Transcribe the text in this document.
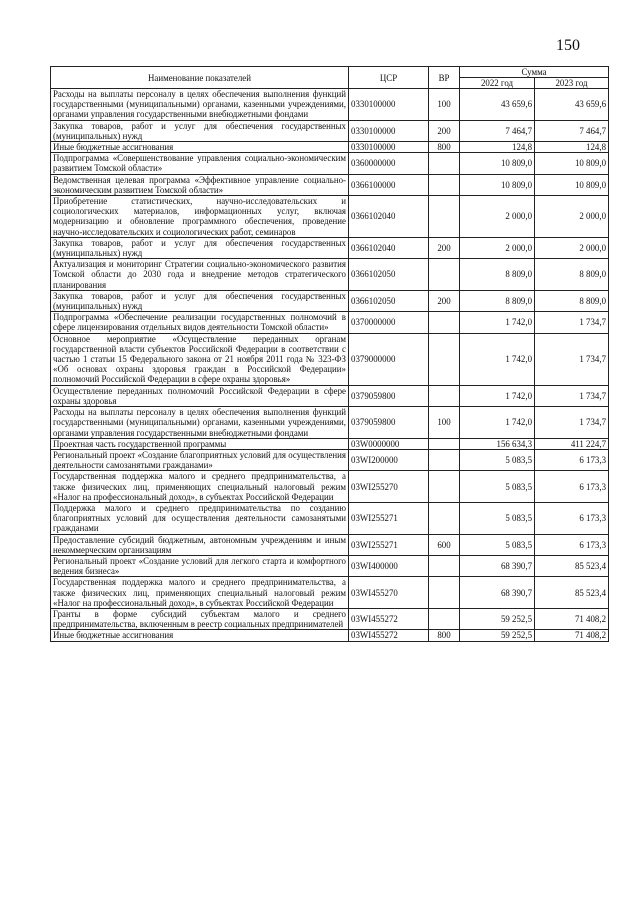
150
Наименование показателей	ЦСР	ВР	Сумма	
			2022 год	2023 год
Расходы на выплаты персоналу в целях обеспечения выполнения функций государственными (муниципальными) органами, казенными учреждениями, органами управления государственными внебюджетными фондами	0330100000	100	43 659,6	43 659,6
Закупка товаров, работ и услуг для обеспечения государственных (муниципальных) нужд	0330100000	200	7 464,7	7 464,7
Иные бюджетные ассигнования	0330100000	800	124,8	124,8
Подпрограмма «Совершенствование управления социально-экономическим развитием Томской области»	0360000000		10 809,0	10 809,0
Ведомственная целевая программа «Эффективное управление социально-экономическим развитием Томской области»	0366100000		10 809,0	10 809,0
Приобретение статистических, научно-исследовательских и социологических материалов, информационных услуг, включая модернизацию и обновление программного обеспечения, проведение научно-исследовательских и социологических работ, семинаров	0366102040		2 000,0	2 000,0
Закупка товаров, работ и услуг для обеспечения государственных (муниципальных) нужд	0366102040	200	2 000,0	2 000,0
Актуализация и мониторинг Стратегии социально-экономического развития Томской области до 2030 года и внедрение методов стратегического планирования	0366102050		8 809,0	8 809,0
Закупка товаров, работ и услуг для обеспечения государственных (муниципальных) нужд	0366102050	200	8 809,0	8 809,0
Подпрограмма «Обеспечение реализации государственных полномочий в сфере лицензирования отдельных видов деятельности Томской области»	0370000000		1 742,0	1 734,7
Основное мероприятие «Осуществление переданных органам государственной власти субъектов Российской Федерации в соответствии с частью 1 статьи 15 Федерального закона от 21 ноября 2011 года № 323-ФЗ «Об основах охраны здоровья граждан в Российской Федерации» полномочий Российской Федерации в сфере охраны здоровья»	0379000000		1 742,0	1 734,7
Осуществление переданных полномочий Российской Федерации в сфере охраны здоровья	0379059800		1 742,0	1 734,7
Расходы на выплаты персоналу в целях обеспечения выполнения функций государственными (муниципальными) органами, казенными учреждениями, органами управления государственными внебюджетными фондами	0379059800	100	1 742,0	1 734,7
Проектная часть государственной программы	03W0000000		156 634,3	411 224,7
Региональный проект «Создание благоприятных условий для осуществления деятельности самозанятыми гражданами»	03WI200000		5 083,5	6 173,3
Государственная поддержка малого и среднего предпринимательства, а также физических лиц, применяющих специальный налоговый режим «Налог на профессиональный доход», в субъектах Российской Федерации	03WI255270		5 083,5	6 173,3
Поддержка малого и среднего предпринимательства по созданию благоприятных условий для осуществления деятельности самозанятыми гражданами	03WI255271		5 083,5	6 173,3
Предоставление субсидий бюджетным, автономным учреждениям и иным некоммерческим организациям	03WI255271	600	5 083,5	6 173,3
Региональный проект «Создание условий для легкого старта и комфортного ведения бизнеса»	03WI400000		68 390,7	85 523,4
Государственная поддержка малого и среднего предпринимательства, а также физических лиц, применяющих специальный налоговый режим «Налог на профессиональный доход», в субъектах Российской Федерации	03WI455270		68 390,7	85 523,4
Гранты в форме субсидий субъектам малого и среднего предпринимательства, включенным в реестр социальных предпринимателей	03WI455272		59 252,5	71 408,2
Иные бюджетные ассигнования	03WI455272	800	59 252,5	71 408,2
